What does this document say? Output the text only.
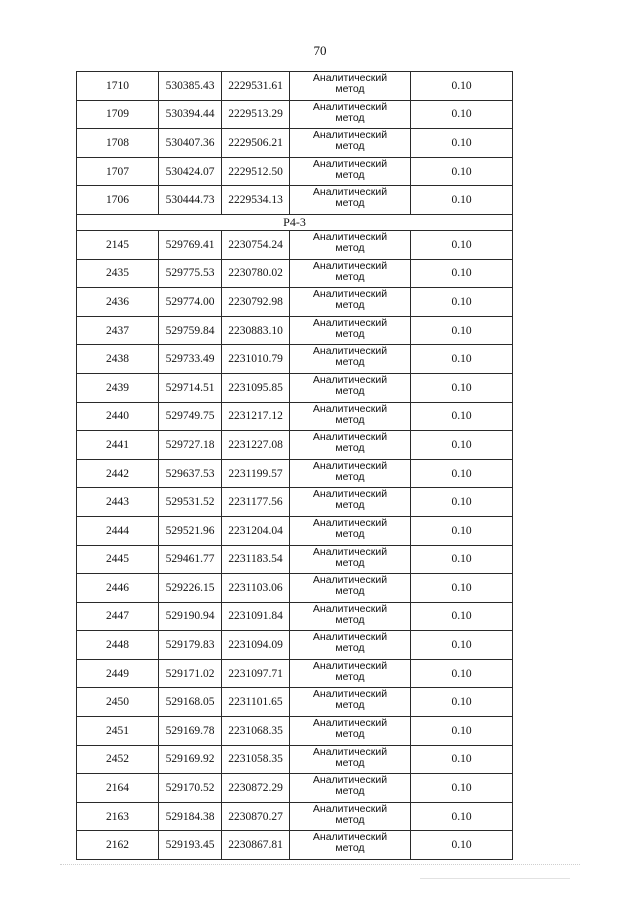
70
1710	530385.43	2229531.61	Аналитический
метод	0.10
1709	530394.44	2229513.29	Аналитический
метод	0.10
1708	530407.36	2229506.21	Аналитический
метод	0.10
1707	530424.07	2229512.50	Аналитический
метод	0.10
1706	530444.73	2229534.13	Аналитический
метод	0.10
Р4-3				
2145	529769.41	2230754.24	Аналитический
метод	0.10
2435	529775.53	2230780.02	Аналитический
метод	0.10
2436	529774.00	2230792.98	Аналитический
метод	0.10
2437	529759.84	2230883.10	Аналитический
метод	0.10
2438	529733.49	2231010.79	Аналитический
метод	0.10
2439	529714.51	2231095.85	Аналитический
метод	0.10
2440	529749.75	2231217.12	Аналитический
метод	0.10
2441	529727.18	2231227.08	Аналитический
метод	0.10
2442	529637.53	2231199.57	Аналитический
метод	0.10
2443	529531.52	2231177.56	Аналитический
метод	0.10
2444	529521.96	2231204.04	Аналитический
метод	0.10
2445	529461.77	2231183.54	Аналитический
метод	0.10
2446	529226.15	2231103.06	Аналитический
метод	0.10
2447	529190.94	2231091.84	Аналитический
метод	0.10
2448	529179.83	2231094.09	Аналитический
метод	0.10
2449	529171.02	2231097.71	Аналитический
метод	0.10
2450	529168.05	2231101.65	Аналитический
метод	0.10
2451	529169.78	2231068.35	Аналитический
метод	0.10
2452	529169.92	2231058.35	Аналитический
метод	0.10
2164	529170.52	2230872.29	Аналитический
метод	0.10
2163	529184.38	2230870.27	Аналитический
метод	0.10
2162	529193.45	2230867.81	Аналитический
метод	0.10
